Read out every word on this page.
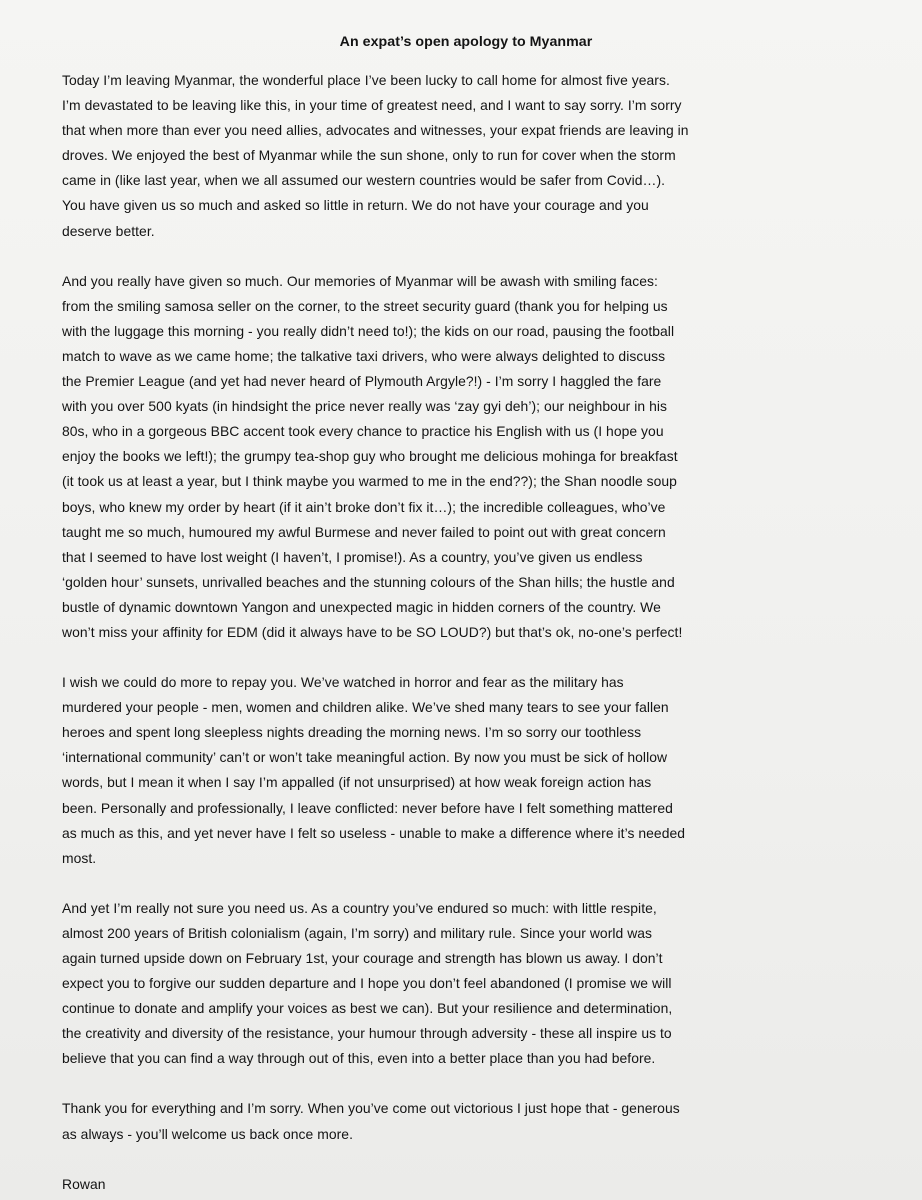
An expat’s open apology to Myanmar

Today I’m leaving Myanmar, the wonderful place I’ve been lucky to call home for almost five years.
I’m devastated to be leaving like this, in your time of greatest need, and I want to say sorry. I’m sorry
that when more than ever you need allies, advocates and witnesses, your expat friends are leaving in
droves. We enjoyed the best of Myanmar while the sun shone, only to run for cover when the storm
came in (like last year, when we all assumed our western countries would be safer from Covid…).
You have given us so much and asked so little in return. We do not have your courage and you
deserve better.

And you really have given so much. Our memories of Myanmar will be awash with smiling faces:
from the smiling samosa seller on the corner, to the street security guard (thank you for helping us
with the luggage this morning - you really didn’t need to!); the kids on our road, pausing the football
match to wave as we came home; the talkative taxi drivers, who were always delighted to discuss
the Premier League (and yet had never heard of Plymouth Argyle?!) - I’m sorry I haggled the fare
with you over 500 kyats (in hindsight the price never really was ‘zay gyi deh’); our neighbour in his
80s, who in a gorgeous BBC accent took every chance to practice his English with us (I hope you
enjoy the books we left!); the grumpy tea-shop guy who brought me delicious mohinga for breakfast
(it took us at least a year, but I think maybe you warmed to me in the end??); the Shan noodle soup
boys, who knew my order by heart (if it ain’t broke don’t fix it…); the incredible colleagues, who’ve
taught me so much, humoured my awful Burmese and never failed to point out with great concern
that I seemed to have lost weight (I haven’t, I promise!). As a country, you’ve given us endless
‘golden hour’ sunsets, unrivalled beaches and the stunning colours of the Shan hills; the hustle and
bustle of dynamic downtown Yangon and unexpected magic in hidden corners of the country. We
won’t miss your affinity for EDM (did it always have to be SO LOUD?) but that’s ok, no-one’s perfect!

I wish we could do more to repay you. We’ve watched in horror and fear as the military has
murdered your people - men, women and children alike. We’ve shed many tears to see your fallen
heroes and spent long sleepless nights dreading the morning news. I’m so sorry our toothless
‘international community’ can’t or won’t take meaningful action. By now you must be sick of hollow
words, but I mean it when I say I’m appalled (if not unsurprised) at how weak foreign action has
been. Personally and professionally, I leave conflicted: never before have I felt something mattered
as much as this, and yet never have I felt so useless - unable to make a difference where it’s needed
most.

And yet I’m really not sure you need us. As a country you’ve endured so much: with little respite,
almost 200 years of British colonialism (again, I’m sorry) and military rule. Since your world was
again turned upside down on February 1st, your courage and strength has blown us away. I don’t
expect you to forgive our sudden departure and I hope you don’t feel abandoned (I promise we will
continue to donate and amplify your voices as best we can). But your resilience and determination,
the creativity and diversity of the resistance, your humour through adversity - these all inspire us to
believe that you can find a way through out of this, even into a better place than you had before.

Thank you for everything and I’m sorry. When you’ve come out victorious I just hope that - generous
as always - you’ll welcome us back once more.

Rowan
